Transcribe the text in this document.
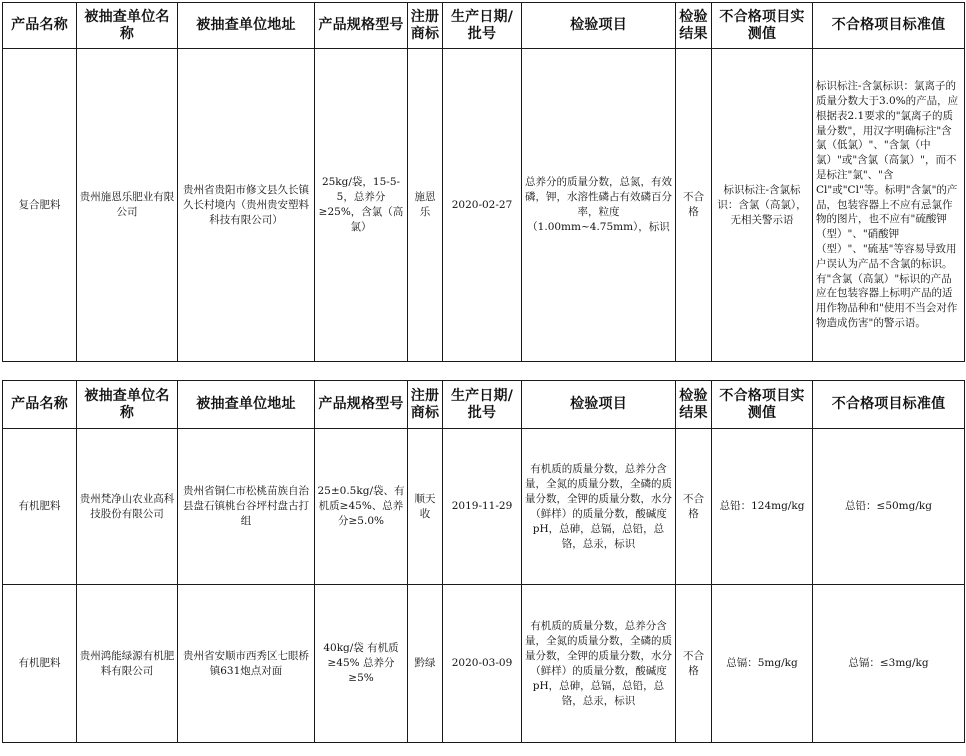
产品名称	被抽查单位名称	被抽查单位地址	产品规格型号	注册商标	生产日期/批号	检验项目	检验结果	不合格项目实测值	不合格项目标准值
复合肥料	贵州施恩乐肥业有限公司	贵州省贵阳市修文县久长镇久长村境内（贵州贵安塑料科技有限公司）	25kg/袋，15-5-5，总养分≥25%，含氯（高氯）	施恩乐	2020-02-27	总养分的质量分数，总氮，有效磷，钾，水溶性磷占有效磷百分率，粒度（1.00mm~4.75mm），标识	不合格	标识标注-含氯标识：含氯（高氯），无相关警示语	标识标注-含氯标识：氯离子的质量分数大于3.0%的产品，应根据表2.1要求的"氯离子的质量分数"，用汉字明确标注"含氯（低氯）"、"含氯（中氯）"或"含氯（高氯）"，而不是标注"氯"、"含Cl"或"Cl"等。标明"含氯"的产品，包装容器上不应有忌氯作物的图片，也不应有"硫酸钾（型）"、"硝酸钾（型）"、"硫基"等容易导致用户误认为产品不含氯的标识。有"含氯（高氯）"标识的产品应在包装容器上标明产品的适用作物品种和"使用不当会对作物造成伤害"的警示语。
产品名称	被抽查单位名称	被抽查单位地址	产品规格型号	注册商标	生产日期/批号	检验项目	检验结果	不合格项目实测值	不合格项目标准值
有机肥料	贵州梵净山农业高科技股份有限公司	贵州省铜仁市松桃苗族自治县盘石镇桃台谷坪村盘古打组	25±0.5kg/袋、有机质≥45%、总养分≥5.0%	顺天收	2019-11-29	有机质的质量分数，总养分含量，全氮的质量分数，全磷的质量分数，全钾的质量分数，水分（鲜样）的质量分数，酸碱度pH，总砷，总镉，总铅，总铬，总汞，标识	不合格	总铅：124mg/kg	总铅：≤50mg/kg
有机肥料	贵州鸿能绿源有机肥料有限公司	贵州省安顺市西秀区七眼桥镇631炮点对面	40kg/袋 有机质≥45% 总养分≥5%	黔绿	2020-03-09	有机质的质量分数，总养分含量，全氮的质量分数，全磷的质量分数，全钾的质量分数，水分（鲜样）的质量分数，酸碱度pH，总砷，总镉，总铅，总铬，总汞，标识	不合格	总镉：5mg/kg	总镉：≤3mg/kg
